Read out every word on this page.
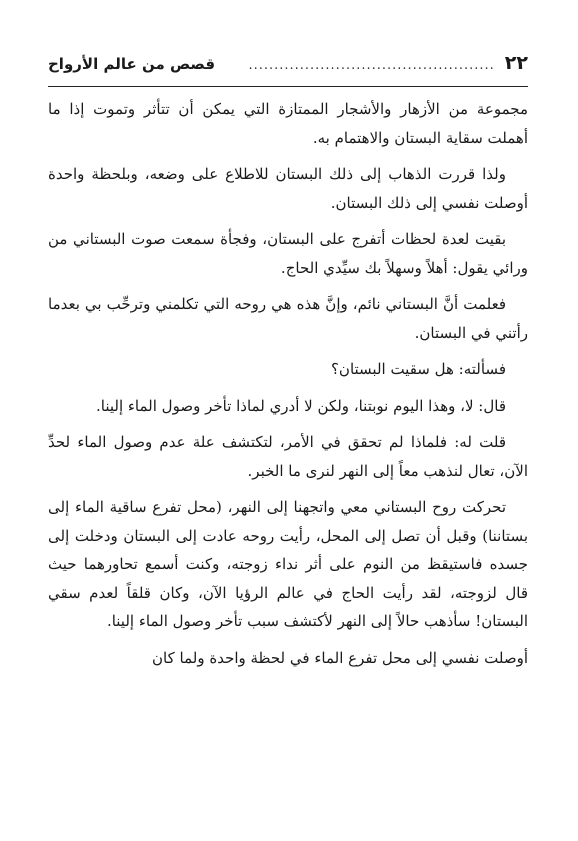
٢٢
................................................
قصص من عالم الأرواح

مجموعة من الأزهار والأشجار الممتازة التي يمكن أن تتأثر وتموت إذا ما أهملت سقاية البستان والاهتمام به.

ولذا قررت الذهاب إلى ذلك البستان للاطلاع على وضعه، وبلحظة واحدة أوصلت نفسي إلى ذلك البستان.

بقيت لعدة لحظات أتفرج على البستان، وفجأة سمعت صوت البستاني من ورائي يقول: أهلاً وسهلاً بك سيِّدي الحاج.

فعلمت أنَّ البستاني نائم، وإنَّ هذه هي روحه التي تكلمني وترحِّب بي بعدما رأتني في البستان.

فسألته: هل سقيت البستان؟

قال: لا، وهذا اليوم نوبتنا، ولكن لا أدري لماذا تأخر وصول الماء إلينا.

قلت له: فلماذا لم تحقق في الأمر، لتكتشف علة عدم وصول الماء لحدِّ الآن، تعال لنذهب معاً إلى النهر لنرى ما الخبر.

تحركت روح البستاني معي واتجهنا إلى النهر، (محل تفرع ساقية الماء إلى بستاننا) وقبل أن تصل إلى المحل، رأيت روحه عادت إلى البستان ودخلت إلى جسده فاستيقظ من النوم على أثر نداء زوجته، وكنت أسمع تحاورهما حيث قال لزوجته، لقد رأيت الحاج في عالم الرؤيا الآن، وكان قلقاً لعدم سقي البستان! سأذهب حالاً إلى النهر لأكتشف سبب تأخر وصول الماء إلينا.

أوصلت نفسي إلى محل تفرع الماء في لحظة واحدة ولما كان
